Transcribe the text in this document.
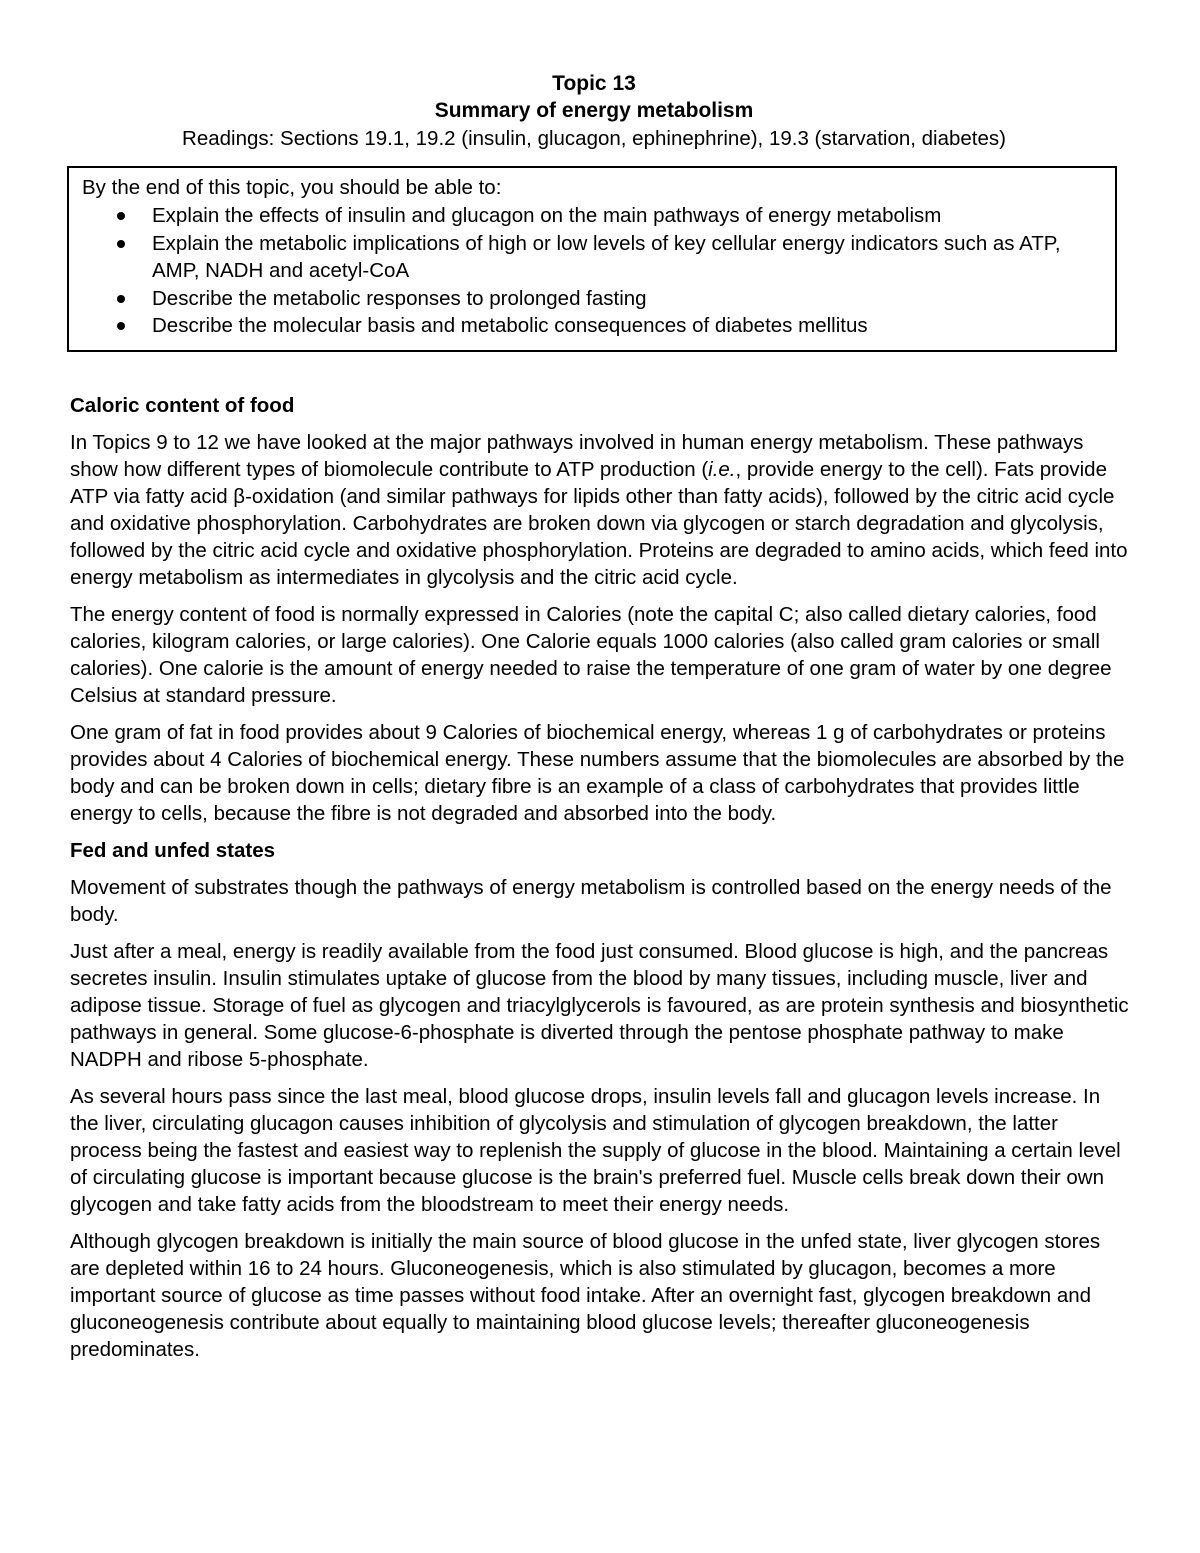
Topic 13

Summary of energy metabolism

Readings: Sections 19.1, 19.2 (insulin, glucagon, ephinephrine), 19.3 (starvation, diabetes)

By the end of this topic, you should be able to:

Explain the effects of insulin and glucagon on the main pathways of energy metabolism
Explain the metabolic implications of high or low levels of key cellular energy indicators such as ATP, AMP, NADH and acetyl-CoA
Describe the metabolic responses to prolonged fasting
Describe the molecular basis and metabolic consequences of diabetes mellitus
Caloric content of food

In Topics 9 to 12 we have looked at the major pathways involved in human energy metabolism. These pathways show how different types of biomolecule contribute to ATP production (i.e., provide energy to the cell). Fats provide ATP via fatty acid β-oxidation (and similar pathways for lipids other than fatty acids), followed by the citric acid cycle and oxidative phosphorylation. Carbohydrates are broken down via glycogen or starch degradation and glycolysis, followed by the citric acid cycle and oxidative phosphorylation. Proteins are degraded to amino acids, which feed into energy metabolism as intermediates in glycolysis and the citric acid cycle.

The energy content of food is normally expressed in Calories (note the capital C; also called dietary calories, food calories, kilogram calories, or large calories). One Calorie equals 1000 calories (also called gram calories or small calories). One calorie is the amount of energy needed to raise the temperature of one gram of water by one degree Celsius at standard pressure.

One gram of fat in food provides about 9 Calories of biochemical energy, whereas 1 g of carbohydrates or proteins provides about 4 Calories of biochemical energy. These numbers assume that the biomolecules are absorbed by the body and can be broken down in cells; dietary fibre is an example of a class of carbohydrates that provides little energy to cells, because the fibre is not degraded and absorbed into the body.

Fed and unfed states

Movement of substrates though the pathways of energy metabolism is controlled based on the energy needs of the body.

Just after a meal, energy is readily available from the food just consumed. Blood glucose is high, and the pancreas secretes insulin. Insulin stimulates uptake of glucose from the blood by many tissues, including muscle, liver and adipose tissue. Storage of fuel as glycogen and triacylglycerols is favoured, as are protein synthesis and biosynthetic pathways in general. Some glucose-6-phosphate is diverted through the pentose phosphate pathway to make NADPH and ribose 5-phosphate.

As several hours pass since the last meal, blood glucose drops, insulin levels fall and glucagon levels increase. In the liver, circulating glucagon causes inhibition of glycolysis and stimulation of glycogen breakdown, the latter process being the fastest and easiest way to replenish the supply of glucose in the blood. Maintaining a certain level of circulating glucose is important because glucose is the brain's preferred fuel. Muscle cells break down their own glycogen and take fatty acids from the bloodstream to meet their energy needs.

Although glycogen breakdown is initially the main source of blood glucose in the unfed state, liver glycogen stores are depleted within 16 to 24 hours. Gluconeogenesis, which is also stimulated by glucagon, becomes a more important source of glucose as time passes without food intake. After an overnight fast, glycogen breakdown and gluconeogenesis contribute about equally to maintaining blood glucose levels; thereafter gluconeogenesis predominates.
